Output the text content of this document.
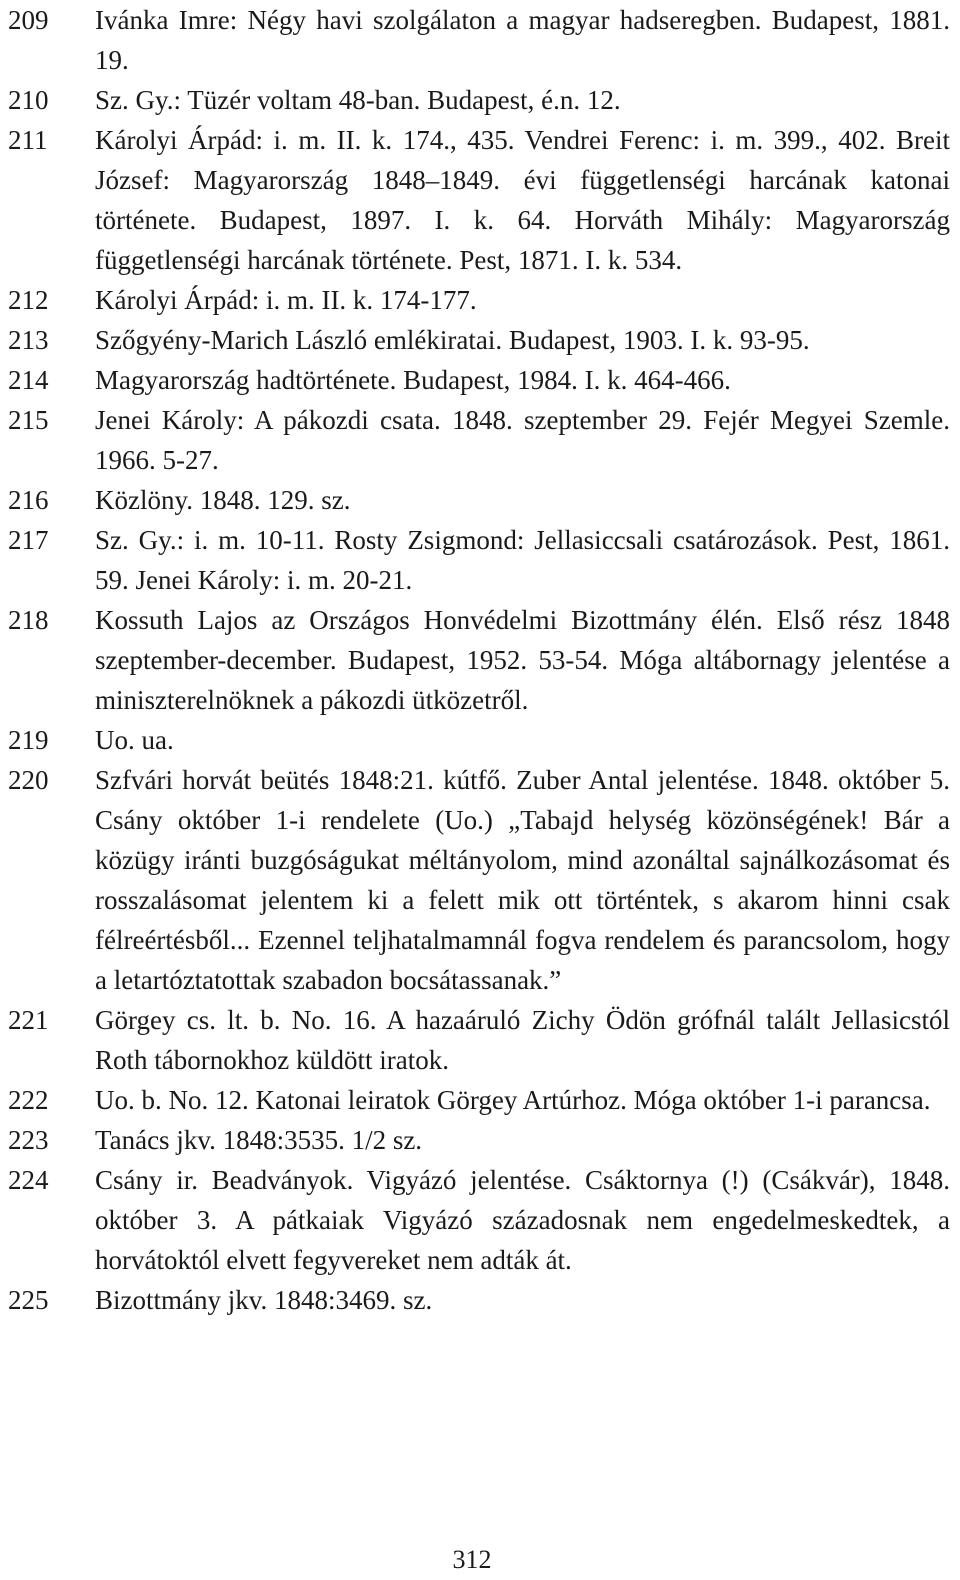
209 Ivánka Imre: Négy havi szolgálaton a magyar hadseregben. Budapest, 1881. 19.
210 Sz. Gy.: Tüzér voltam 48-ban. Budapest, é.n. 12.
211 Károlyi Árpád: i. m. II. k. 174., 435. Vendrei Ferenc: i. m. 399., 402. Breit József: Magyarország 1848–1849. évi függetlenségi harcának katonai története. Budapest, 1897. I. k. 64. Horváth Mihály: Magyarország függetlenségi harcának története. Pest, 1871. I. k. 534.
212 Károlyi Árpád: i. m. II. k. 174-177.
213 Szőgyény-Marich László emlékiratai. Budapest, 1903. I. k. 93-95.
214 Magyarország hadtörténete. Budapest, 1984. I. k. 464-466.
215 Jenei Károly: A pákozdi csata. 1848. szeptember 29. Fejér Megyei Szemle. 1966. 5-27.
216 Közlöny. 1848. 129. sz.
217 Sz. Gy.: i. m. 10-11. Rosty Zsigmond: Jellasiccsali csatározások. Pest, 1861. 59. Jenei Károly: i. m. 20-21.
218 Kossuth Lajos az Országos Honvédelmi Bizottmány élén. Első rész 1848 szeptember-december. Budapest, 1952. 53-54. Móga altábornagy jelentése a miniszterelnöknek a pákozdi ütközetről.
219 Uo. ua.
220 Szfvári horvát beütés 1848:21. kútfő. Zuber Antal jelentése. 1848. október 5. Csány október 1-i rendelete (Uo.) „Tabajd helység közönségének! Bár a közügy iránti buzgóságukat méltányolom, mind azonáltal sajnálkozásomat és rosszalásomat jelentem ki a felett mik ott történtek, s akarom hinni csak félreértésből... Ezennel teljhatalmamnál fogva rendelem és parancsolom, hogy a letartóztatottak szabadon bocsátassanak.”
221 Görgey cs. lt. b. No. 16. A hazaáruló Zichy Ödön grófnál talált Jellasicstól Roth tábornokhoz küldött iratok.
222 Uo. b. No. 12. Katonai leiratok Görgey Artúrhoz. Móga október 1-i parancsa.
223 Tanács jkv. 1848:3535. 1/2 sz.
224 Csány ir. Beadványok. Vigyázó jelentése. Csáktornya (!) (Csákvár), 1848. október 3. A pátkaiak Vigyázó századosnak nem engedelmeskedtek, a horvátoktól elvett fegyvereket nem adták át.
225 Bizottmány jkv. 1848:3469. sz.
312
